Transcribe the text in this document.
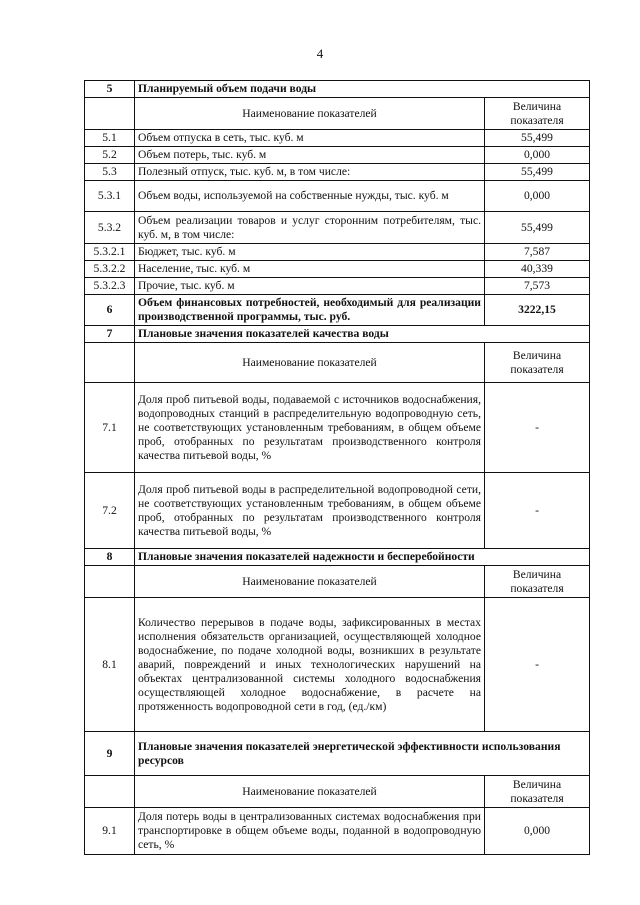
4
5	Планируемый объем подачи воды	
	Наименование показателей	Величина показателя
5.1	Объем отпуска в сеть, тыс. куб. м	55,499
5.2	Объем потерь, тыс. куб. м	0,000
5.3	Полезный отпуск, тыс. куб. м, в том числе:	55,499
5.3.1	Объем воды, используемой на собственные нужды, тыс. куб. м	0,000
5.3.2	Объем реализации товаров и услуг сторонним потребителям, тыс. куб. м, в том числе:	55,499
5.3.2.1	Бюджет, тыс. куб. м	7,587
5.3.2.2	Население, тыс. куб. м	40,339
5.3.2.3	Прочие, тыс. куб. м	7,573
6	Объем финансовых потребностей, необходимый для реализации производственной программы, тыс. руб.	3222,15
7	Плановые значения показателей качества воды	
	Наименование показателей	Величина показателя
7.1	Доля проб питьевой воды, подаваемой с источников водоснабжения, водопроводных станций в распределительную водопроводную сеть, не соответствующих установленным требованиям, в общем объеме проб, отобранных по результатам производственного контроля качества питьевой воды, %	-
7.2	Доля проб питьевой воды в распределительной водопроводной сети, не соответствующих установленным требованиям, в общем объеме проб, отобранных по результатам производственного контроля качества питьевой воды, %	-
8	Плановые значения показателей надежности и бесперебойности	
	Наименование показателей	Величина показателя
8.1	Количество перерывов в подаче воды, зафиксированных в местах исполнения обязательств организацией, осуществляющей холодное водоснабжение, по подаче холодной воды, возникших в результате аварий, повреждений и иных технологических нарушений на объектах централизованной системы холодного водоснабжения осуществляющей холодное водоснабжение, в расчете на протяженность водопроводной сети в год, (ед./км)	-
9	Плановые значения показателей энергетической эффективности использования ресурсов	
	Наименование показателей	Величина показателя
9.1	Доля потерь воды в централизованных системах водоснабжения при транспортировке в общем объеме воды, поданной в водопроводную сеть, %	0,000
